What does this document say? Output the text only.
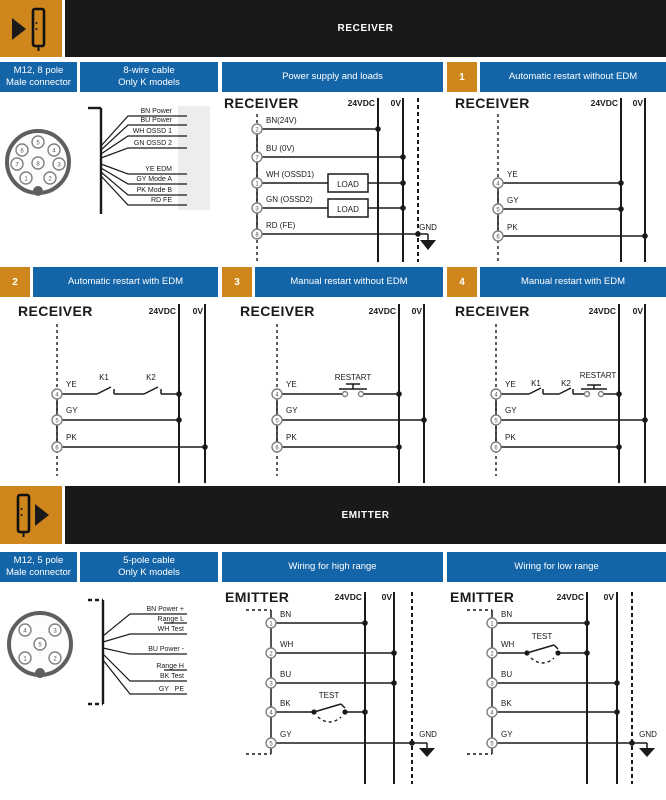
RECEIVER
M12, 8 pole
Male connector
8-wire cable
Only K models
Power supply and loads	1	Automatic restart without EDM
5
6	4
7	8	3
1	2
BN Power
BU Power
WH OSSD 1
GN OSSD 2
YE EDM
GY Mode A
PK Mode B
RD FE
RECEIVER	24VDC 0V
LOAD
LOAD
GND
2
7
1
3
8
BN(24V)
BU (0V)
WH (OSSD1)
GN (OSSD2)
RD (FE)
RECEIVER	24VDC 0V
4
5
6
YE
GY
PK
2	Automatic restart with EDM	3	Manual restart without EDM	4	Manual restart with EDM
RECEIVER	24VDC 0V
K1	K2
4
5
6
YE
GY
PK
RECEIVER	24VDC 0V
RESTART
4
5
6
YE
GY
PK
RECEIVER	24VDC 0V
K1	K2
RESTART
4
5
6
YE
GY
PK
EMITTER
M12, 5 pole
Male connector
5-pole cable
Only K models
Wiring for high range	Wiring for low range
4	3
5
1	2
BN Power +
Range L
WH Test
BU Power -
Range H
BK Test
GY   PE
EMITTER	24VDC 0V
TEST
GND
1
2
3
4
5
BN
WH
BU
BK
GY
EMITTER	24VDC 0V
TEST
GND
1
2
3
4
5
BN
WH
BU
BK
GY
